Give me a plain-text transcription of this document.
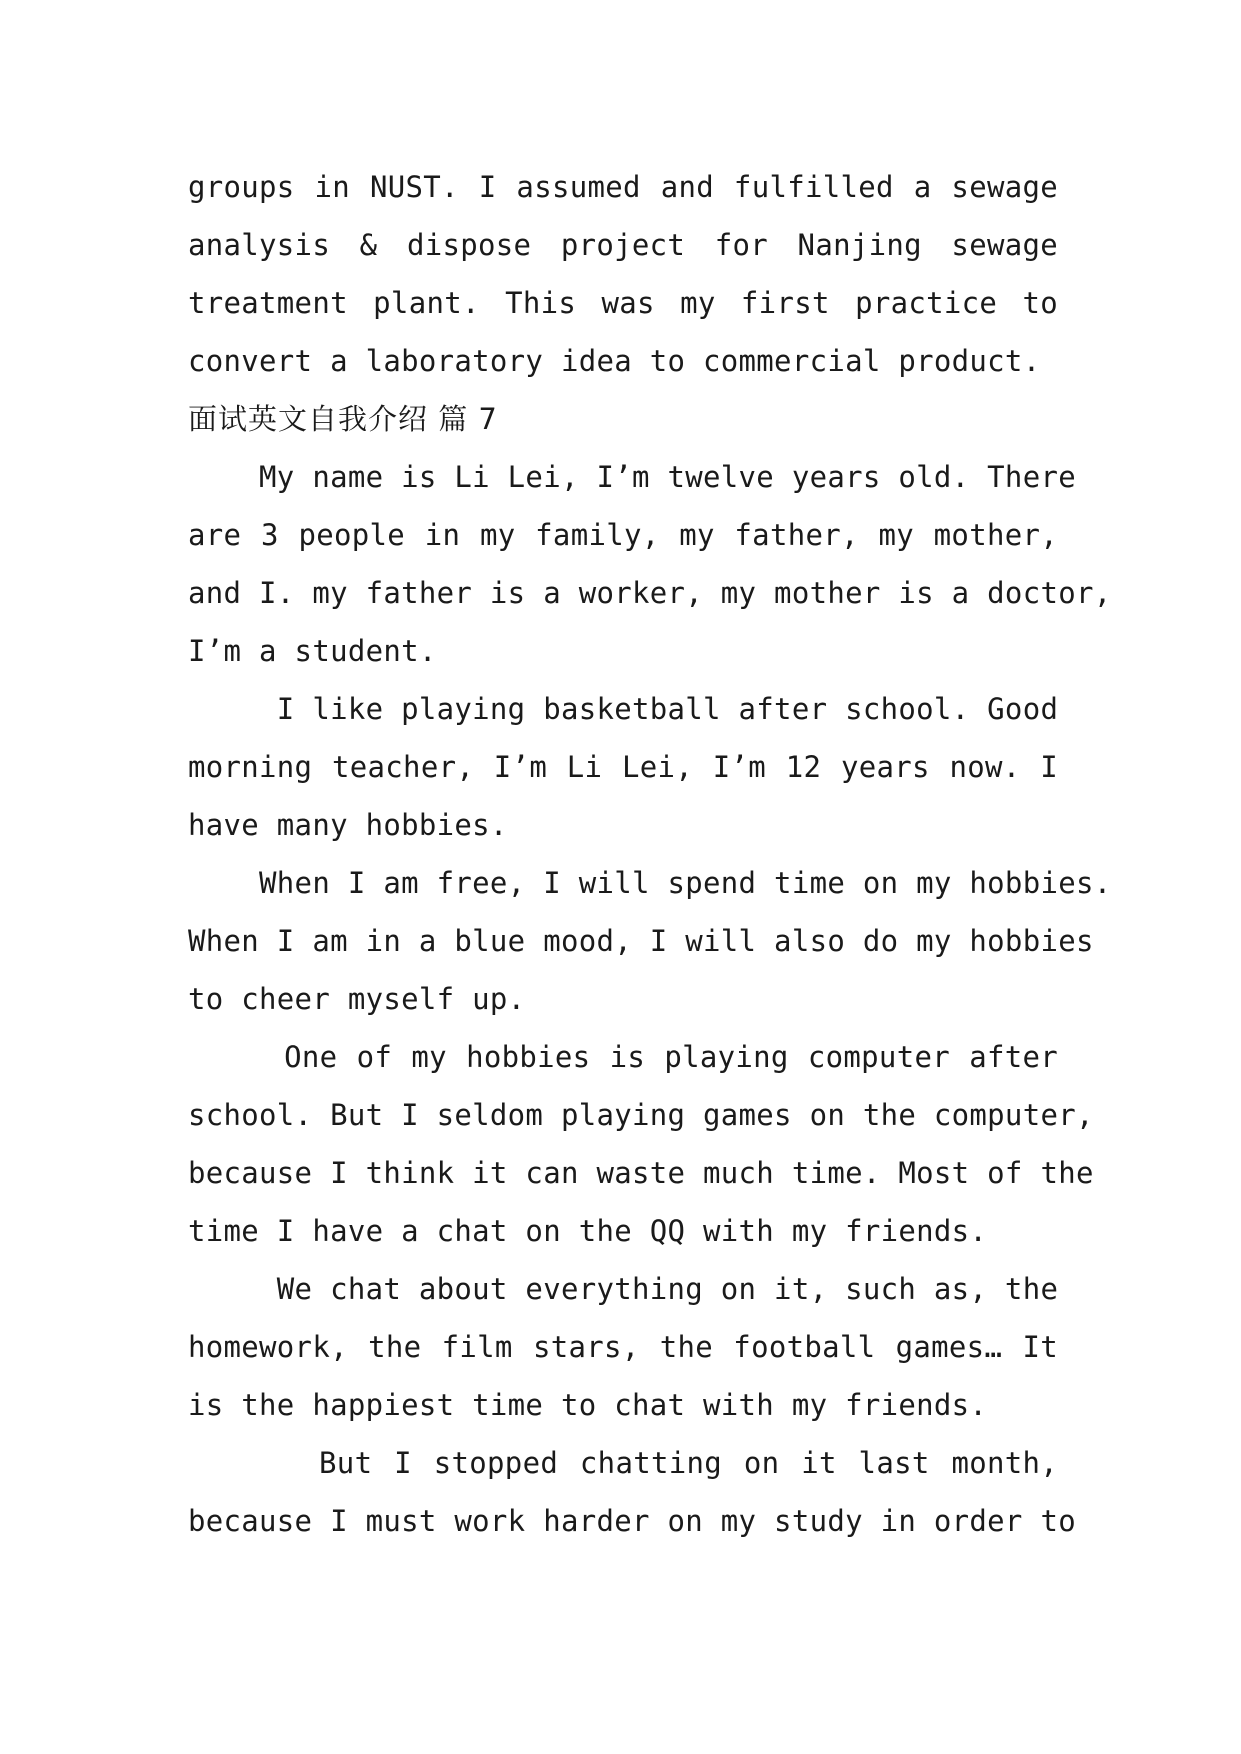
groups in NUST. I assumed and fulfilled a sewage
analysis & dispose project for Nanjing sewage
treatment plant. This was my first practice to
convert a laboratory idea to commercial product.
面试英文自我介绍 篇 7
My name is Li Lei, I’m twelve years old. There
are 3 people in my family, my father, my mother,
and I. my father is a worker, my mother is a doctor,
I’m a student.
I like playing basketball after school. Good
morning teacher, I’m Li Lei, I’m 12 years now. I
have many hobbies.
When I am free, I will spend time on my hobbies.
When I am in a blue mood, I will also do my hobbies
to cheer myself up.
One of my hobbies is playing computer after
school. But I seldom playing games on the computer,
because I think it can waste much time. Most of the
time I have a chat on the QQ with my friends.
We chat about everything on it, such as, the
homework, the film stars, the football games… It
is the happiest time to chat with my friends.
But I stopped chatting on it last month,
because I must work harder on my study in order to
